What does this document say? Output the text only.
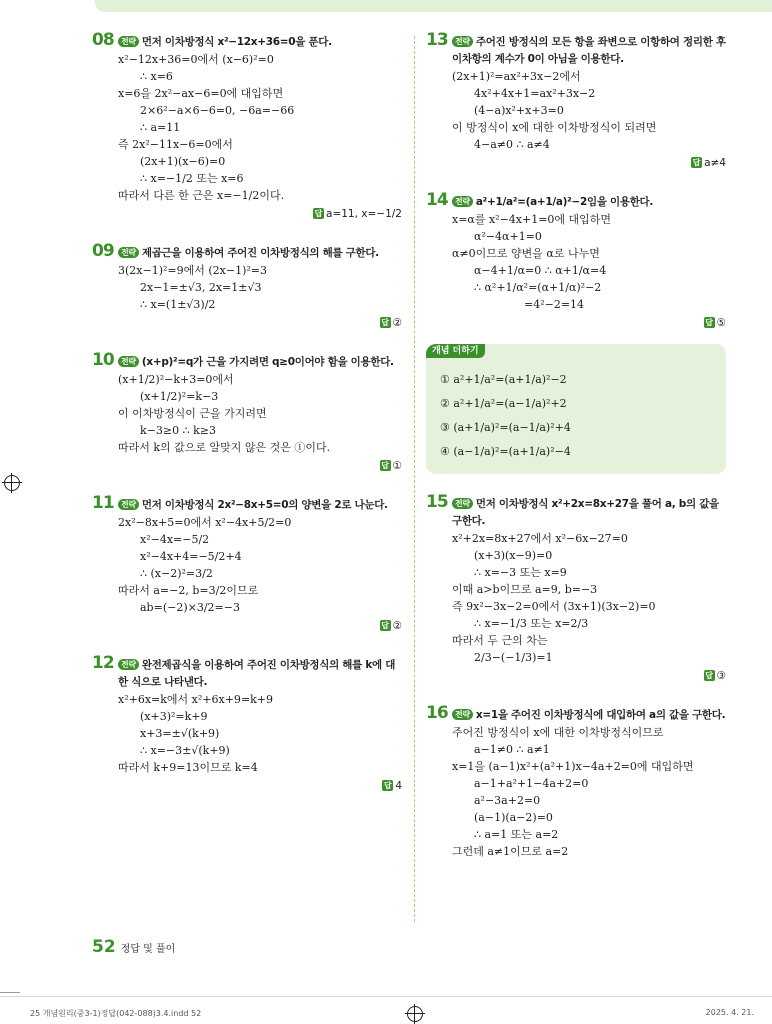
08 전략 먼저 이차방정식 x²−12x+36=0을 푼다.
x²−12x+36=0에서 (x−6)²=0
∴ x=6
x=6을 2x²−ax−6=0에 대입하면
2×6²−a×6−6=0, −6a=−66
∴ a=11
즉 2x²−11x−6=0에서
(2x+1)(x−6)=0
∴ x=−1/2 또는 x=6
따라서 다른 한 근은 x=−1/2이다.
답 a=11, x=−1/2
09 전략 제곱근을 이용하여 주어진 이차방정식의 해를 구한다.
3(2x−1)²=9에서 (2x−1)²=3
2x−1=±√3, 2x=1±√3
∴ x=(1±√3)/2
답 ②
10 전략 (x+p)²=q가 근을 가지려면 q≥0이어야 함을 이용한다.
(x+1/2)²−k+3=0에서
(x+1/2)²=k−3
이 이차방정식이 근을 가지려면
k−3≥0 ∴ k≥3
따라서 k의 값으로 알맞지 않은 것은 ①이다.
답 ①
11 전략 먼저 이차방정식 2x²−8x+5=0의 양변을 2로 나눈다.
2x²−8x+5=0에서 x²−4x+5/2=0
x²−4x=−5/2
x²−4x+4=−5/2+4
∴ (x−2)²=3/2
따라서 a=−2, b=3/2이므로
ab=(−2)×3/2=−3
답 ②
12 전략 완전제곱식을 이용하여 주어진 이차방정식의 해를 k에 대한 식으로 나타낸다.
x²+6x=k에서 x²+6x+9=k+9
(x+3)²=k+9
x+3=±√(k+9)
∴ x=−3±√(k+9)
따라서 k+9=13이므로 k=4
답 4
13 전략 주어진 방정식의 모든 항을 좌변으로 이항하여 정리한 후 이차항의 계수가 0이 아님을 이용한다.
(2x+1)²=ax²+3x−2에서
4x²+4x+1=ax²+3x−2
(4−a)x²+x+3=0
이 방정식이 x에 대한 이차방정식이 되려면
4−a≠0 ∴ a≠4
답 a≠4
14 전략 a²+1/a²=(a+1/a)²−2임을 이용한다.
x=α를 x²−4x+1=0에 대입하면
α²−4α+1=0
α≠0이므로 양변을 α로 나누면
α−4+1/α=0 ∴ α+1/α=4
∴ α²+1/α²=(α+1/α)²−2
=4²−2=14
답 ⑤
개념 더하기
① a²+1/a²=(a+1/a)²−2
② a²+1/a²=(a−1/a)²+2
③ (a+1/a)²=(a−1/a)²+4
④ (a−1/a)²=(a+1/a)²−4
15 전략 먼저 이차방정식 x²+2x=8x+27을 풀어 a, b의 값을 구한다.
x²+2x=8x+27에서 x²−6x−27=0
(x+3)(x−9)=0
∴ x=−3 또는 x=9
이때 a>b이므로 a=9, b=−3
즉 9x²−3x−2=0에서 (3x+1)(3x−2)=0
∴ x=−1/3 또는 x=2/3
따라서 두 근의 차는
2/3−(−1/3)=1
답 ③
16 전략 x=1을 주어진 이차방정식에 대입하여 a의 값을 구한다.
주어진 방정식이 x에 대한 이차방정식이므로
a−1≠0 ∴ a≠1
x=1을 (a−1)x²+(a²+1)x−4a+2=0에 대입하면
a−1+a²+1−4a+2=0
a²−3a+2=0
(a−1)(a−2)=0
∴ a=1 또는 a=2
그런데 a≠1이므로 a=2
52 정답 및 풀이
25 개념원리(중3-1)정답(042-088)3.4.indd 52	2025. 4. 21.
